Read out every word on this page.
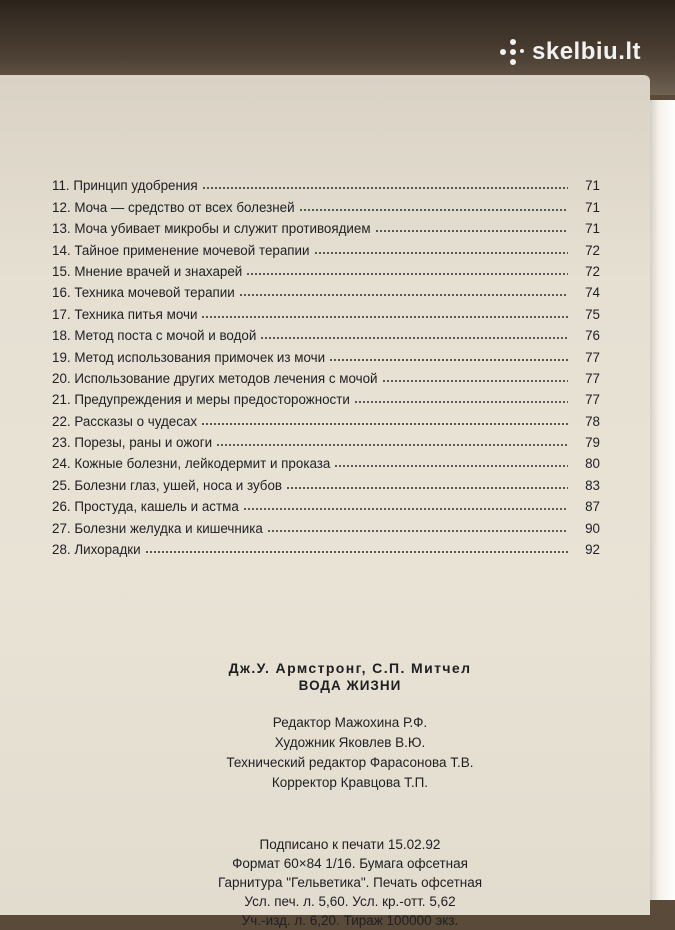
skelbiu.lt
11. Принцип удобрения	71
12. Моча — средство от всех болезней	71
13. Моча убивает микробы и служит противоядием	71
14. Тайное применение мочевой терапии	72
15. Мнение врачей и знахарей	72
16. Техника мочевой терапии	74
17. Техника питья мочи	75
18. Метод поста с мочой и водой	76
19. Метод использования примочек из мочи	77
20. Использование других методов лечения с мочой	77
21. Предупреждения и меры предосторожности	77
22. Рассказы о чудесах	78
23. Порезы, раны и ожоги	79
24. Кожные болезни, лейкодермит и проказа	80
25. Болезни глаз, ушей, носа и зубов	83
26. Простуда, кашель и астма	87
27. Болезни желудка и кишечника	90
28. Лихорадки	92
Дж.У. Армстронг, С.П. Митчел
ВОДА ЖИЗНИ
Редактор Мажохина Р.Ф.
Художник Яковлев В.Ю.
Технический редактор Фарасонова Т.В.
Корректор Кравцова Т.П.
Подписано к печати 15.02.92
Формат 60×84 1/16. Бумага офсетная
Гарнитура "Гельветика". Печать офсетная
Усл. печ. л. 5,60. Усл. кр.-отт. 5,62
Уч.-изд. л. 6,20. Тираж 100000 экз.
